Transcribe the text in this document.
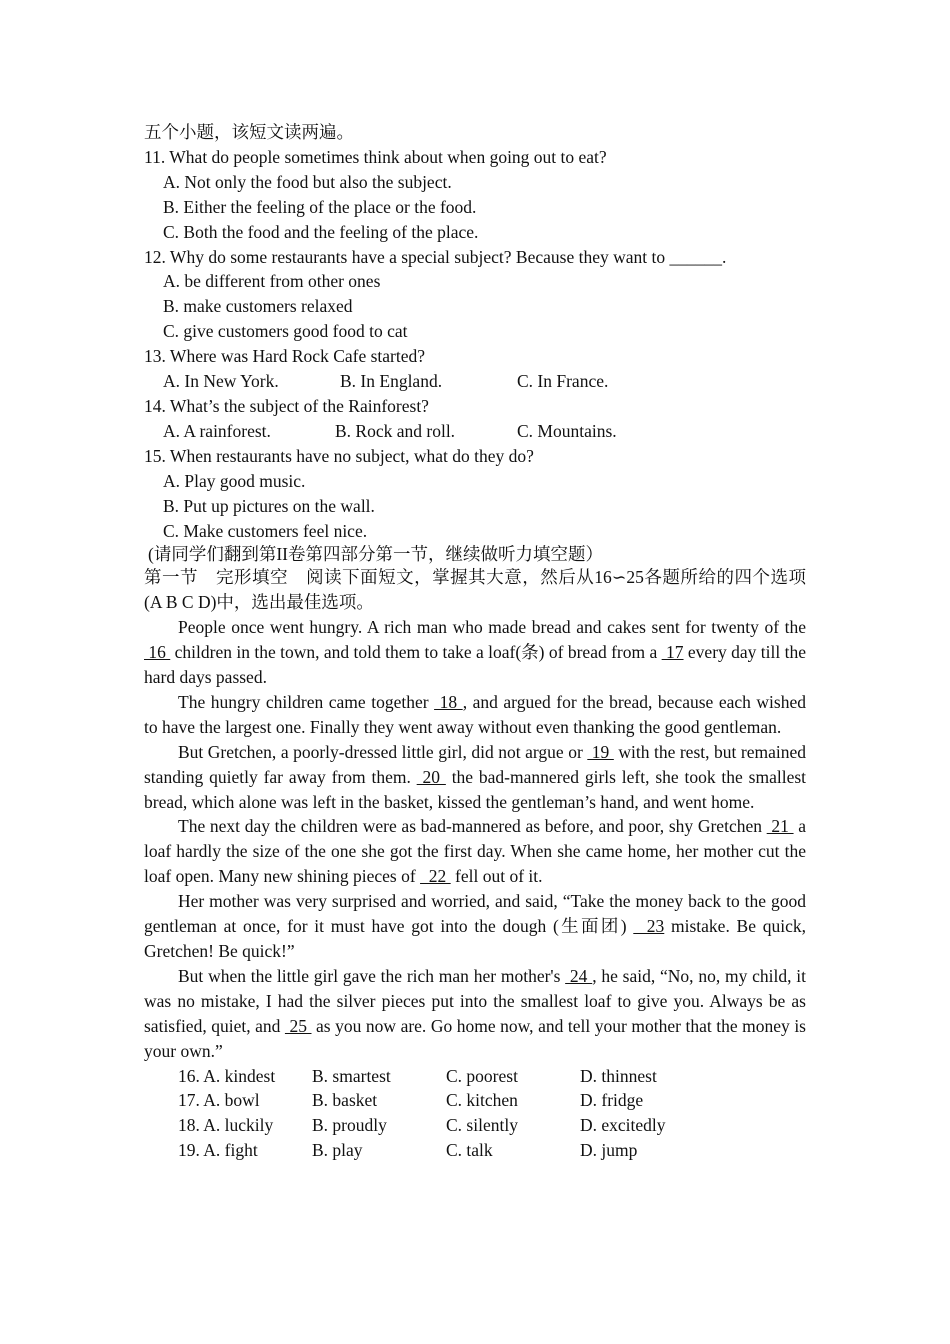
五个小题，该短文读两遍。
11. What do people sometimes think about when going out to eat?
A. Not only the food but also the subject.
B. Either the feeling of the place or the food.
C. Both the food and the feeling of the place.
12. Why do some restaurants have a special subject? Because they want to ______.
A. be different from other ones
B. make customers relaxed
C. give customers good food to cat
13. Where was Hard Rock Cafe started?
A. In New York.	B. In England.	C. In France.
14. What’s the subject of the Rainforest?
A. A rainforest.	B. Rock and roll.	C. Mountains.
15. When restaurants have no subject, what do they do?
A. Play good music.
B. Put up pictures on the wall.
C. Make customers feel nice.
(请同学们翻到第II卷第四部分第一节，继续做听力填空题）
第一节　完形填空　阅读下面短文，掌握其大意，然后从16∽25各题所给的四个选项 (A B C D)中，选出最佳选项。
People once went hungry. A rich man who made bread and cakes sent for twenty of the  16  children in the town, and told them to take a loaf(条) of bread from a  17 every day till the hard days passed.
The hungry children came together  18 , and argued for the bread, because each wished to have the largest one. Finally they went away without even thanking the good gentleman.
But Gretchen, a poorly-dressed little girl, did not argue or  19  with the rest, but remained standing quietly far away from them.  20  the bad-mannered girls left, she took the smallest bread, which alone was left in the basket, kissed the gentleman’s hand, and went home.
The next day the children were as bad-mannered as before, and poor, shy Gretchen  21  a loaf hardly the size of the one she got the first day. When she came home, her mother cut the loaf open. Many new shining pieces of   22  fell out of it.
Her mother was very surprised and worried, and said, “Take the money back to the good gentleman at once, for it must have got into the dough (生面团)   23 mistake. Be quick, Gretchen! Be quick!”
But when the little girl gave the rich man her mother's  24 , he said, “No, no, my child, it was no mistake, I had the silver pieces put into the smallest loaf to give you. Always be as satisfied, quiet, and  25  as you now are. Go home now, and tell your mother that the money is your own.”
16. A. kindest B. smartest	C. poorest	D. thinnest
17. A. bowl	B. basket	C. kitchen	D. fridge
18. A. luckily B. proudly	C. silently	D. excitedly
19. A. fight	B. play	C. talk	D. jump
